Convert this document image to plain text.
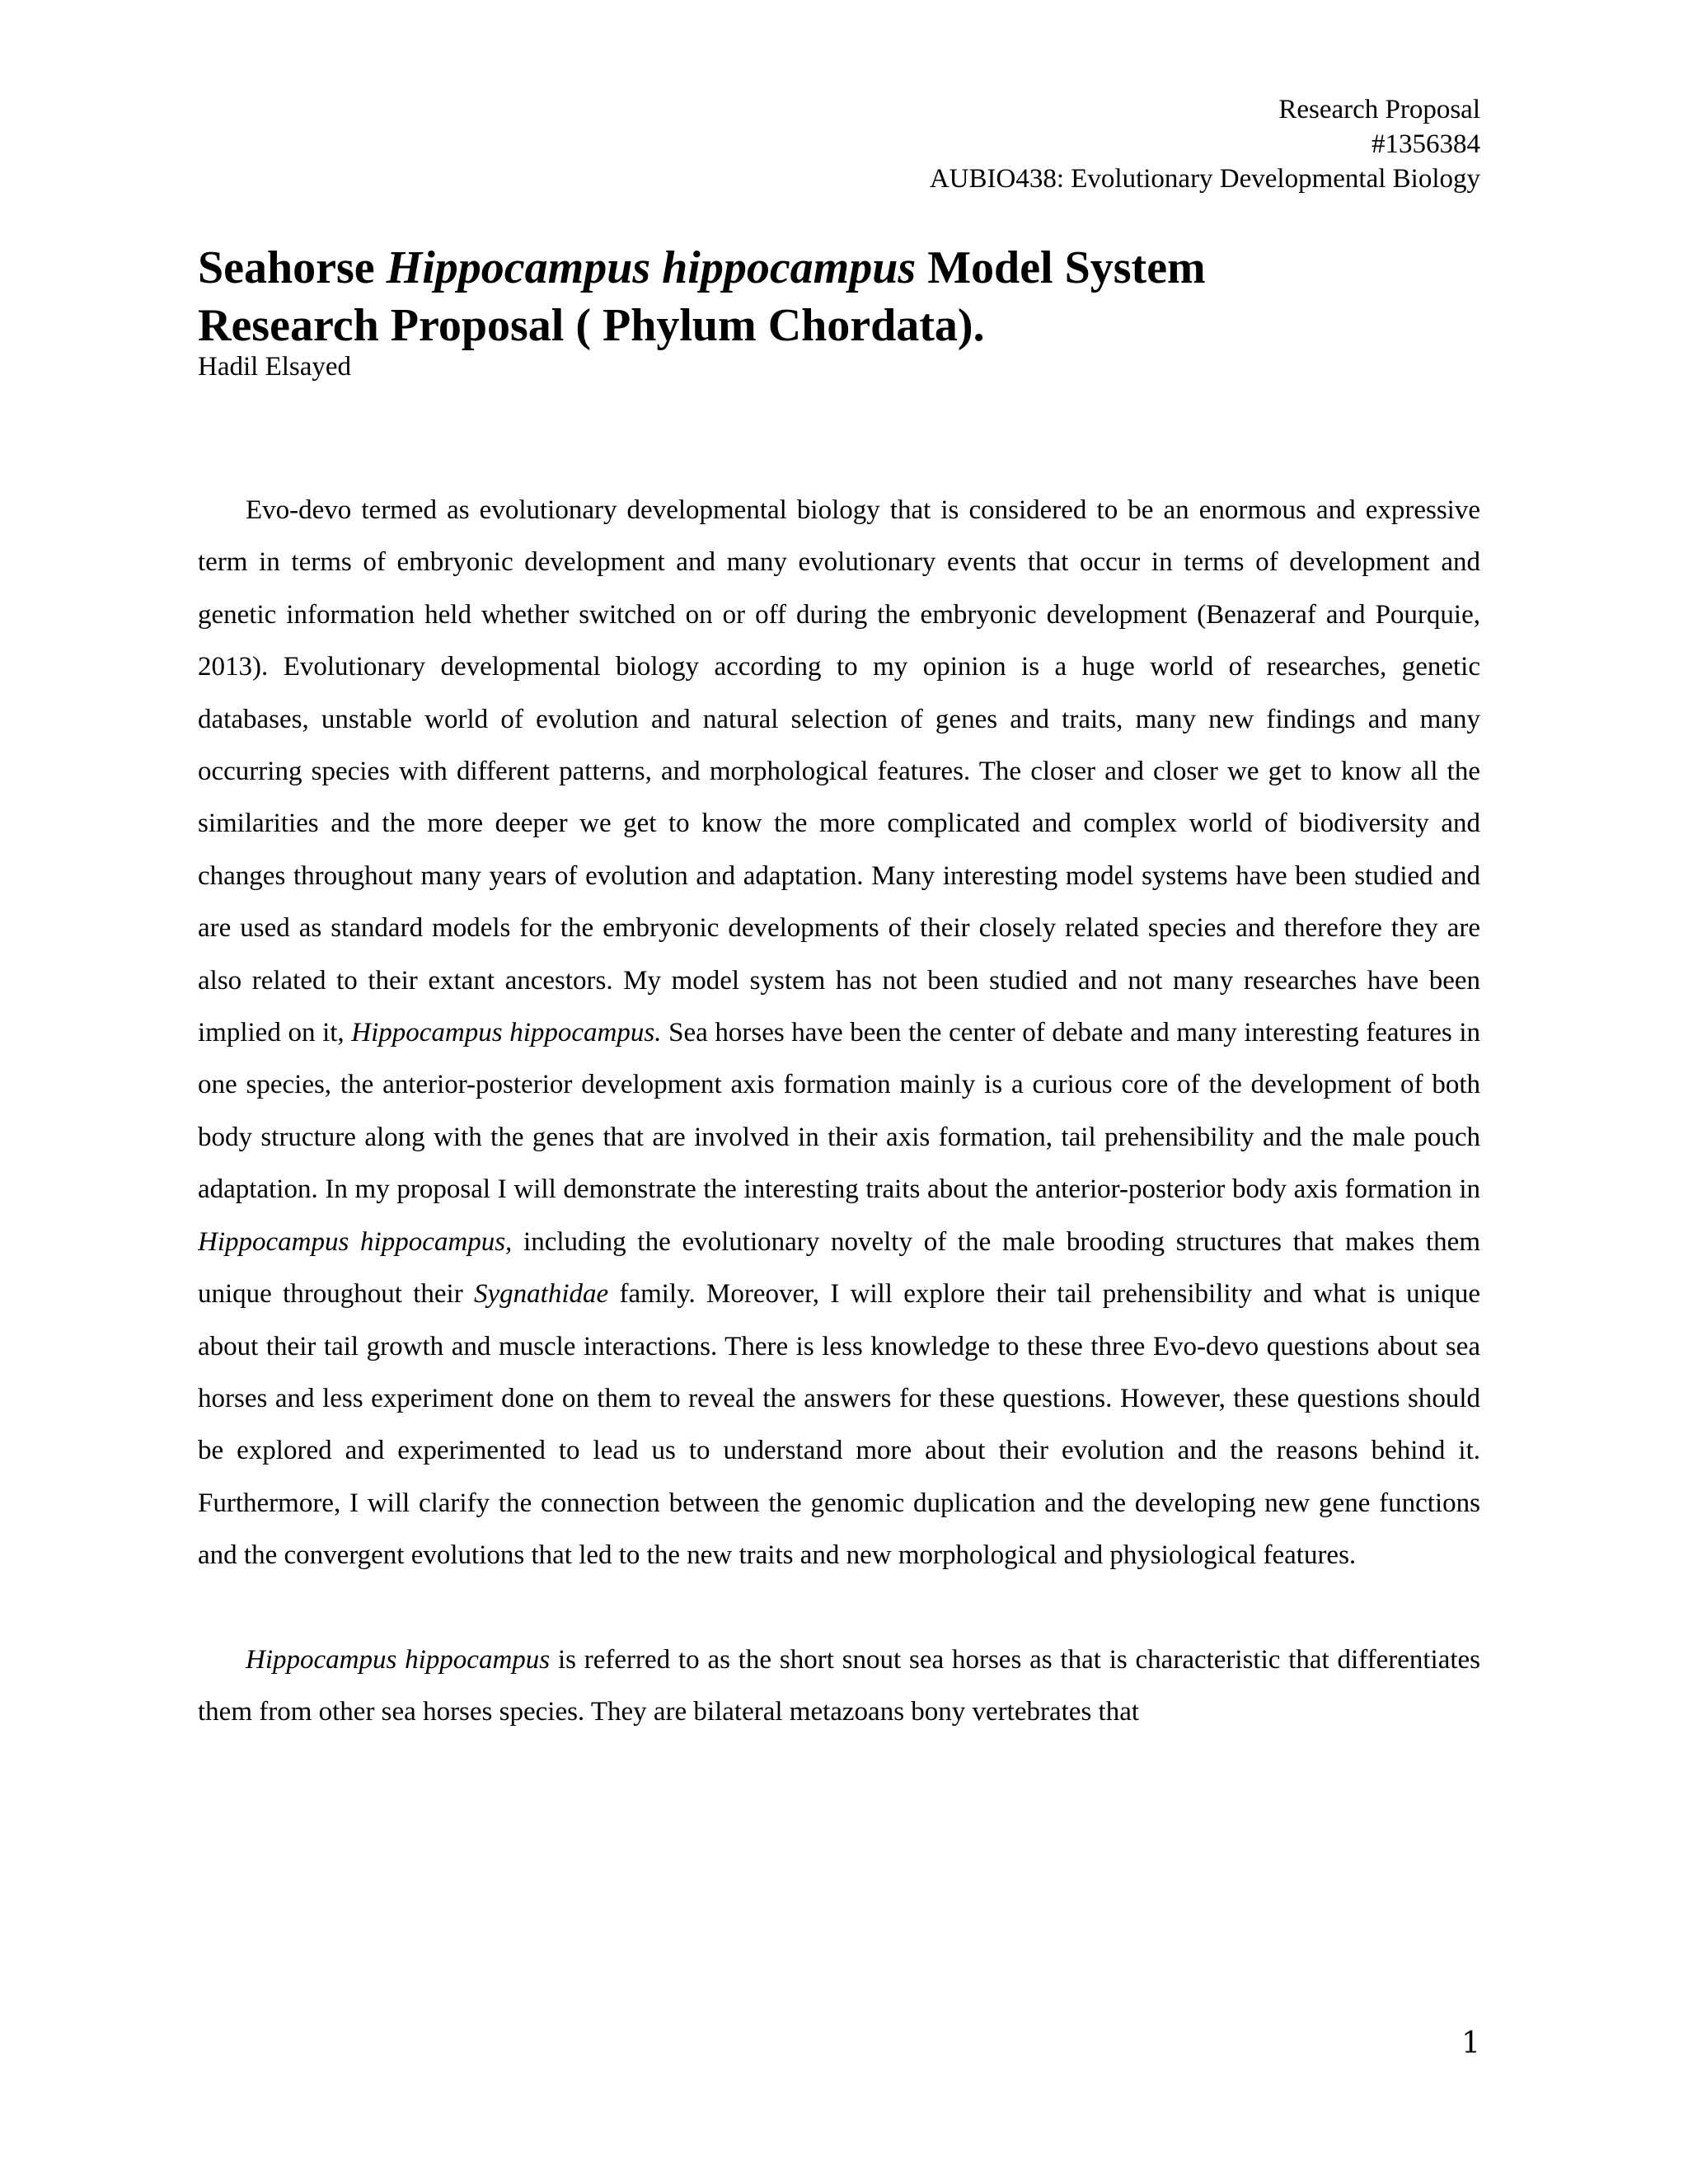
Research Proposal
#1356384
AUBIO438: Evolutionary Developmental Biology
Seahorse Hippocampus hippocampus Model System
Research Proposal ( Phylum Chordata).
Hadil Elsayed

Evo-devo termed as evolutionary developmental biology that is considered to be an enormous and expressive term in terms of embryonic development and many evolutionary events that occur in terms of development and genetic information held whether switched on or off during the embryonic development (Benazeraf and Pourquie, 2013). Evolutionary developmental biology according to my opinion is a huge world of researches, genetic databases, unstable world of evolution and natural selection of genes and traits, many new findings and many occurring species with different patterns, and morphological features. The closer and closer we get to know all the similarities and the more deeper we get to know the more complicated and complex world of biodiversity and changes throughout many years of evolution and adaptation. Many interesting model systems have been studied and are used as standard models for the embryonic developments of their closely related species and therefore they are also related to their extant ancestors. My model system has not been studied and not many researches have been implied on it, Hippocampus hippocampus. Sea horses have been the center of debate and many interesting features in one species, the anterior-posterior development axis formation mainly is a curious core of the development of both body structure along with the genes that are involved in their axis formation, tail prehensibility and the male pouch adaptation. In my proposal I will demonstrate the interesting traits about the anterior-posterior body axis formation in Hippocampus hippocampus, including the evolutionary novelty of the male brooding structures that makes them unique throughout their Sygnathidae family. Moreover, I will explore their tail prehensibility and what is unique about their tail growth and muscle interactions. There is less knowledge to these three Evo-devo questions about sea horses and less experiment done on them to reveal the answers for these questions. However, these questions should be explored and experimented to lead us to understand more about their evolution and the reasons behind it. Furthermore, I will clarify the connection between the genomic duplication and the developing new gene functions and the convergent evolutions that led to the new traits and new morphological and physiological features.

Hippocampus hippocampus is referred to as the short snout sea horses as that is characteristic that differentiates them from other sea horses species. They are bilateral metazoans bony vertebrates that

1
